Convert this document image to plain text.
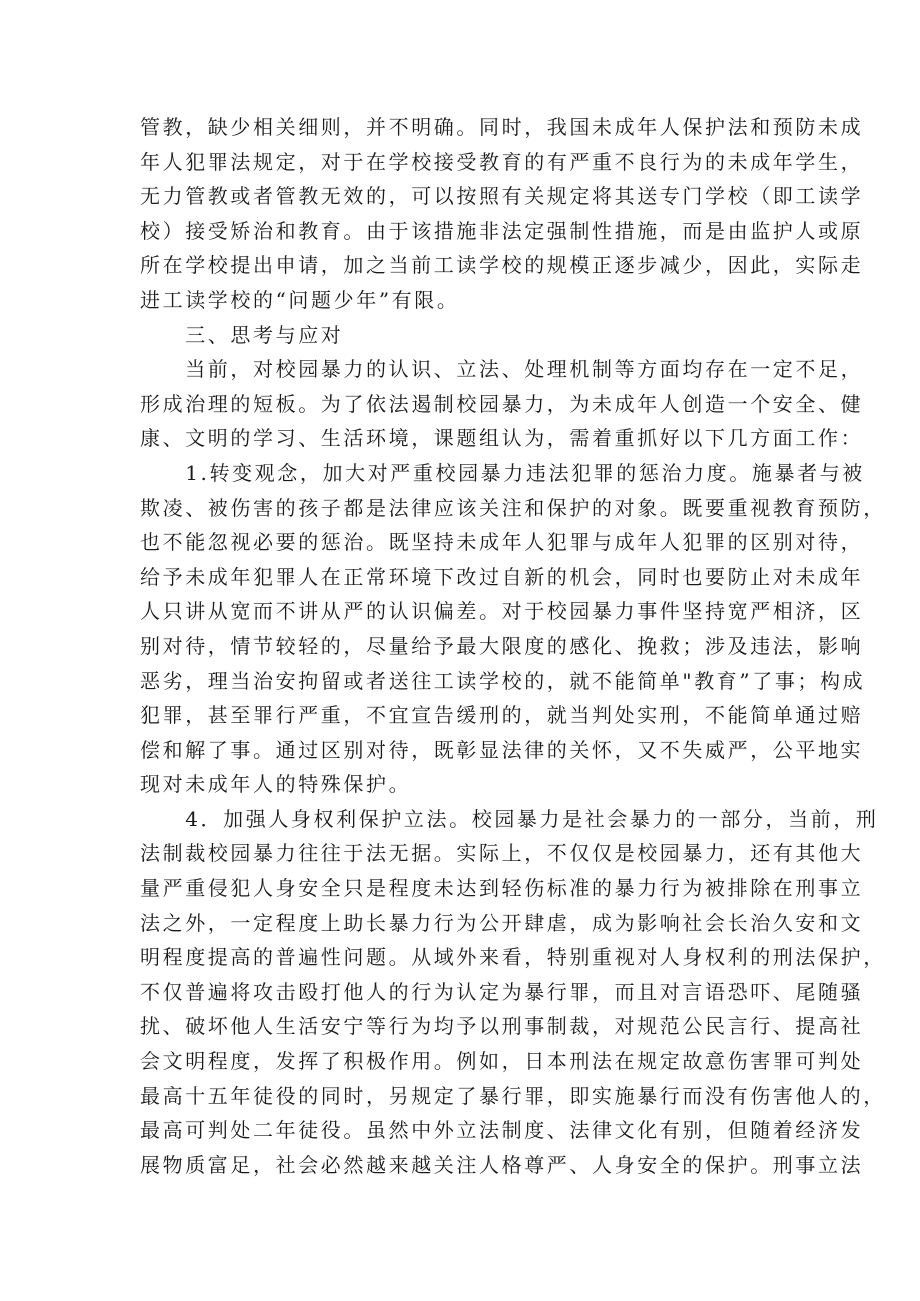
管教，缺少相关细则，并不明确。同时，我国未成年人保护法和预防未成
年人犯罪法规定，对于在学校接受教育的有严重不良行为的未成年学生，
无力管教或者管教无效的，可以按照有关规定将其送专门学校（即工读学
校）接受矫治和教育。由于该措施非法定强制性措施，而是由监护人或原
所在学校提出申请，加之当前工读学校的规模正逐步减少，因此，实际走
进工读学校的“问题少年”有限。
　　三、思考与应对
　　当前，对校园暴力的认识、立法、处理机制等方面均存在一定不足，
形成治理的短板。为了依法遏制校园暴力，为未成年人创造一个安全、健
康、文明的学习、生活环境，课题组认为，需着重抓好以下几方面工作：
　　1.转变观念，加大对严重校园暴力违法犯罪的惩治力度。施暴者与被
欺凌、被伤害的孩子都是法律应该关注和保护的对象。既要重视教育预防，
也不能忽视必要的惩治。既坚持未成年人犯罪与成年人犯罪的区别对待，
给予未成年犯罪人在正常环境下改过自新的机会，同时也要防止对未成年
人只讲从宽而不讲从严的认识偏差。对于校园暴力事件坚持宽严相济，区
别对待，情节较轻的，尽量给予最大限度的感化、挽救；涉及违法，影响
恶劣，理当治安拘留或者送往工读学校的，就不能简单"教育”了事；构成
犯罪，甚至罪行严重，不宜宣告缓刑的，就当判处实刑，不能简单通过赔
偿和解了事。通过区别对待，既彰显法律的关怀，又不失威严，公平地实
现对未成年人的特殊保护。
　　4．加强人身权利保护立法。校园暴力是社会暴力的一部分，当前，刑
法制裁校园暴力往往于法无据。实际上，不仅仅是校园暴力，还有其他大
量严重侵犯人身安全只是程度未达到轻伤标准的暴力行为被排除在刑事立
法之外，一定程度上助长暴力行为公开肆虐，成为影响社会长治久安和文
明程度提高的普遍性问题。从域外来看，特别重视对人身权利的刑法保护，
不仅普遍将攻击殴打他人的行为认定为暴行罪，而且对言语恐吓、尾随骚
扰、破坏他人生活安宁等行为均予以刑事制裁，对规范公民言行、提高社
会文明程度，发挥了积极作用。例如，日本刑法在规定故意伤害罪可判处
最高十五年徒役的同时，另规定了暴行罪，即实施暴行而没有伤害他人的，
最高可判处二年徒役。虽然中外立法制度、法律文化有别，但随着经济发
展物质富足，社会必然越来越关注人格尊严、人身安全的保护。刑事立法
